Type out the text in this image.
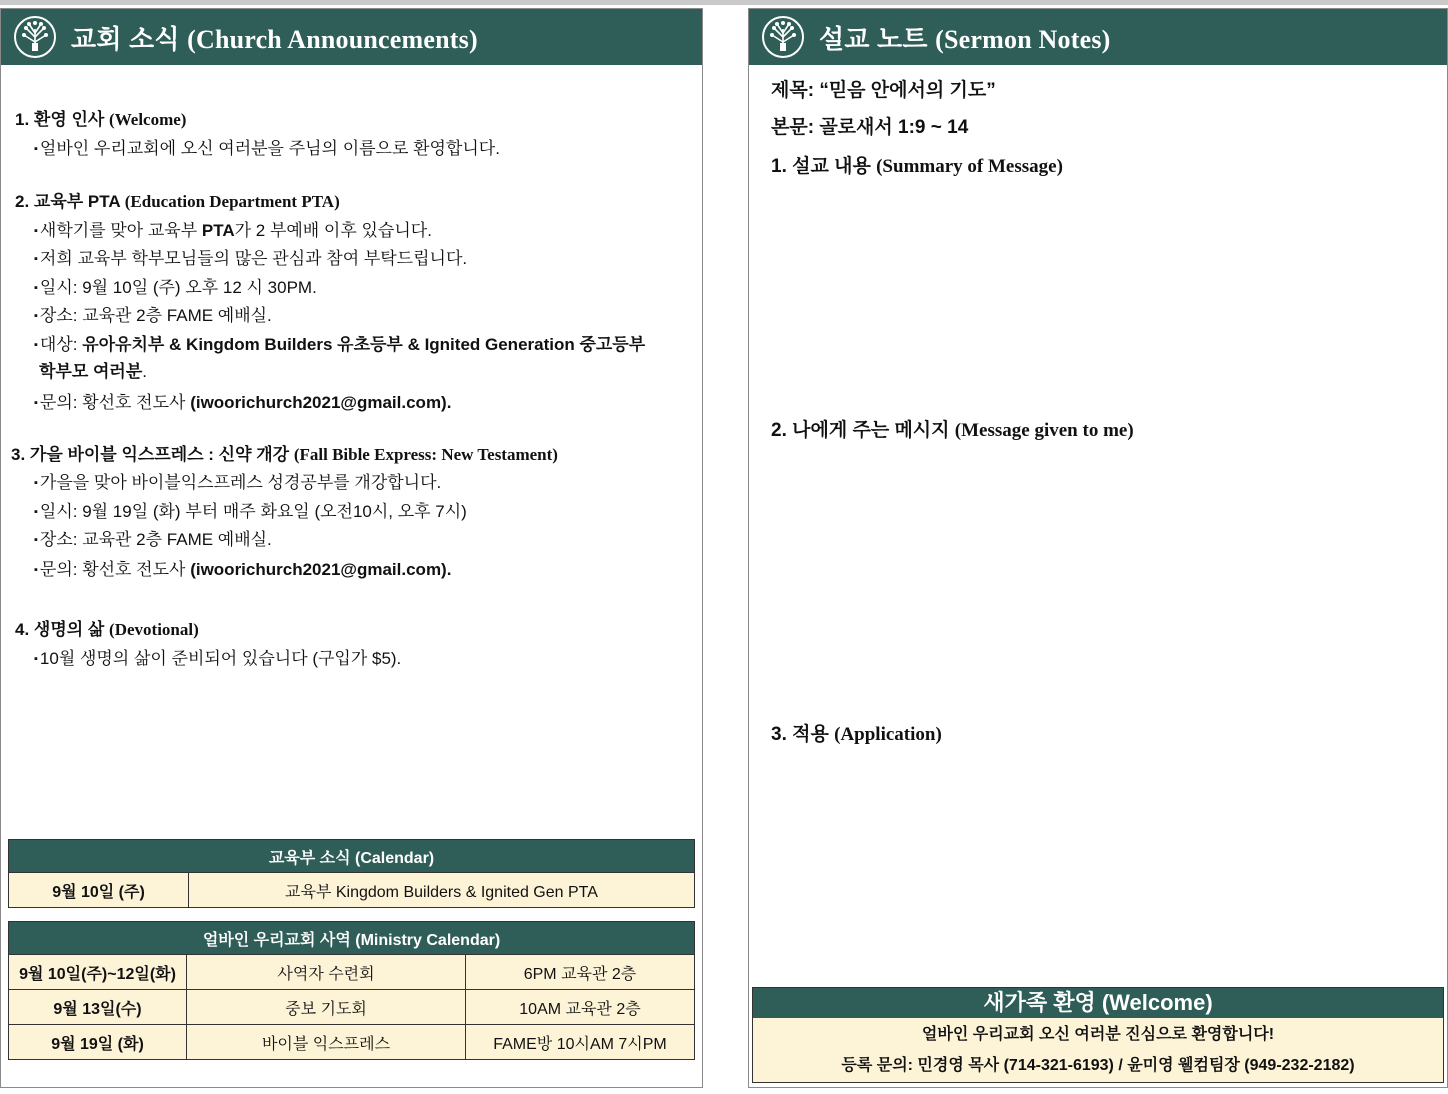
교회 소식 (Church Announcements)
1. 환영 인사 (Welcome)
▪ 얼바인 우리교회에 오신 여러분을 주님의 이름으로 환영합니다.
2. 교육부 PTA (Education Department PTA)
▪ 새학기를 맞아 교육부 PTA가 2 부예배 이후 있습니다.
▪ 저희 교육부 학부모님들의 많은 관심과 참여 부탁드립니다.
▪ 일시: 9월 10일 (주) 오후 12 시 30PM.
▪ 장소: 교육관 2층 FAME 예배실.
▪ 대상: 유아유치부 & Kingdom Builders 유초등부 & Ignited Generation 중고등부
학부모 여러분.
▪ 문의: 황선호 전도사 (iwoorichurch2021@gmail.com).
3. 가을 바이블 익스프레스 : 신약 개강 (Fall Bible Express: New Testament)
▪ 가을을 맞아 바이블익스프레스 성경공부를 개강합니다.
▪ 일시: 9월 19일 (화) 부터 매주 화요일 (오전10시, 오후 7시)
▪ 장소: 교육관 2층 FAME 예배실.
▪ 문의: 황선호 전도사 (iwoorichurch2021@gmail.com).
4. 생명의 삶 (Devotional)
▪ 10월 생명의 삶이 준비되어 있습니다 (구입가 $5).
교육부 소식 (Calendar)
9월 10일 (주)	교육부 Kingdom Builders & Ignited Gen PTA
얼바인 우리교회 사역 (Ministry Calendar)		
9월 10일(주)~12일(화)	사역자 수련회	6PM 교육관 2층
9월 13일(수)	중보 기도회	10AM 교육관 2층
9월 19일 (화)	바이블 익스프레스	FAME방 10시AM 7시PM
설교 노트 (Sermon Notes)
제목: “믿음 안에서의 기도”
본문: 골로새서 1:9 ~ 14
1. 설교 내용 (Summary of Message)
2. 나에게 주는 메시지 (Message given to me)
3. 적용 (Application)
새가족 환영 (Welcome)
얼바인 우리교회 오신 여러분 진심으로 환영합니다!
등록 문의: 민경영 목사 (714-321-6193) / 윤미영 웰컴팀장 (949-232-2182)
